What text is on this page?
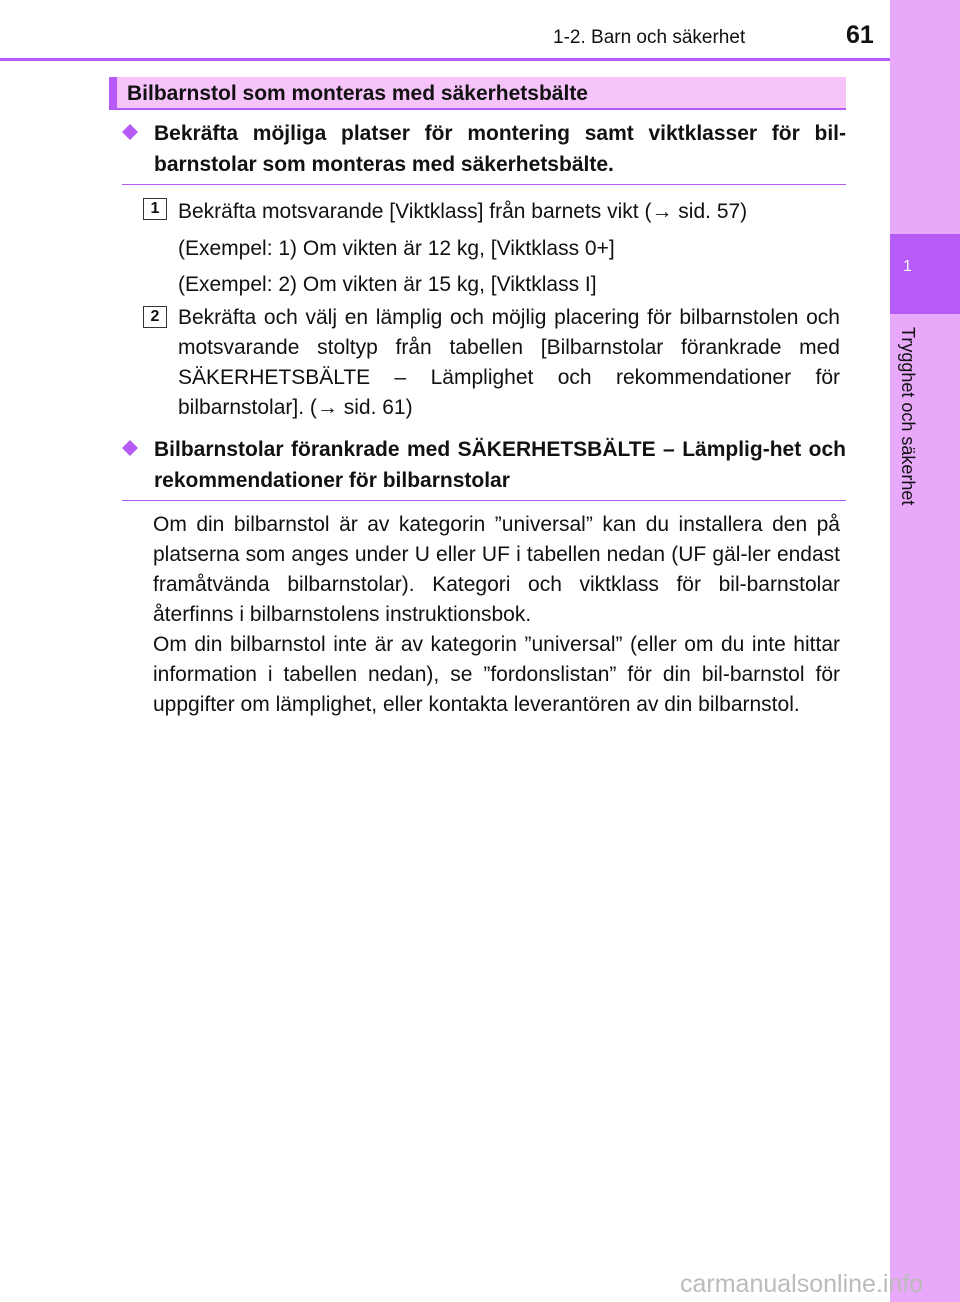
1
Trygghet och säkerhet
1-2. Barn och säkerhet	61
Bilbarnstol som monteras med säkerhetsbälte
Bekräfta möjliga platser för montering samt viktklasser för bil-barnstolar som monteras med säkerhetsbälte.
1 Bekräfta motsvarande [Viktklass] från barnets vikt (→ sid. 57)
(Exempel: 1) Om vikten är 12 kg, [Viktklass 0+]
(Exempel: 2) Om vikten är 15 kg, [Viktklass I]
2 Bekräfta och välj en lämplig och möjlig placering för bilbarnstolen och motsvarande stoltyp från tabellen [Bilbarnstolar förankrade med SÄKERHETSBÄLTE – Lämplighet och rekommendationer för bilbarnstolar]. (→ sid. 61)
Bilbarnstolar förankrade med SÄKERHETSBÄLTE – Lämplig-het och rekommendationer för bilbarnstolar
Om din bilbarnstol är av kategorin ”universal” kan du installera den på platserna som anges under U eller UF i tabellen nedan (UF gäl-ler endast framåtvända bilbarnstolar). Kategori och viktklass för bil-barnstolar återfinns i bilbarnstolens instruktionsbok.
Om din bilbarnstol inte är av kategorin ”universal” (eller om du inte hittar information i tabellen nedan), se ”fordonslistan” för din bil-barnstol för uppgifter om lämplighet, eller kontakta leverantören av din bilbarnstol.
carmanualsonline.info
